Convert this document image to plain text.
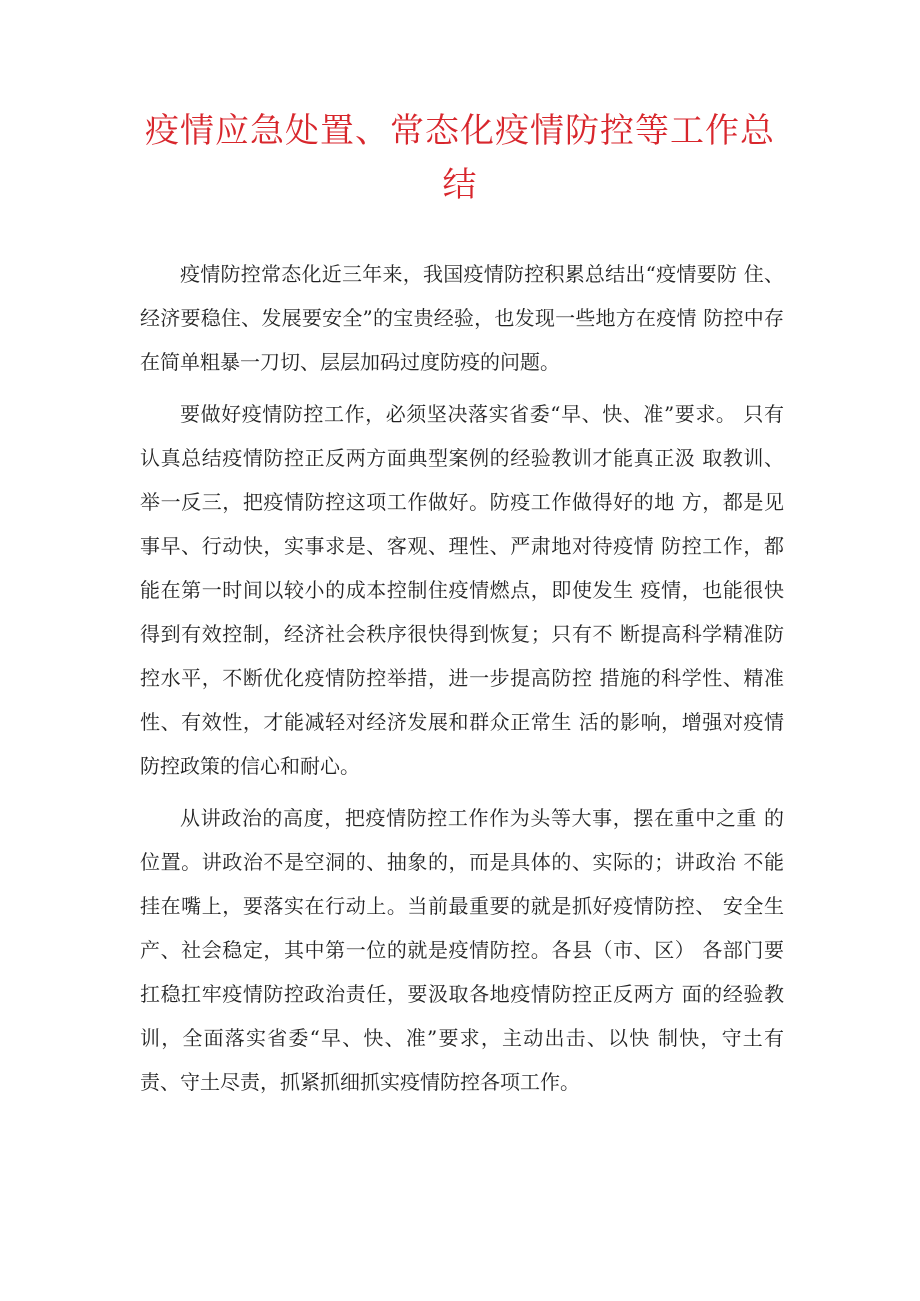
疫情应急处置、常态化疫情防控等工作总结

疫情防控常态化近三年来，我国疫情防控积累总结出“疫情要防 住、经济要稳住、发展要安全”的宝贵经验，也发现一些地方在疫情 防控中存在简单粗暴一刀切、层层加码过度防疫的问题。

要做好疫情防控工作，必须坚决落实省委“早、快、准”要求。 只有认真总结疫情防控正反两方面典型案例的经验教训才能真正汲 取教训、举一反三，把疫情防控这项工作做好。防疫工作做得好的地 方，都是见事早、行动快，实事求是、客观、理性、严肃地对待疫情 防控工作，都能在第一时间以较小的成本控制住疫情燃点，即使发生 疫情，也能很快得到有效控制，经济社会秩序很快得到恢复；只有不 断提高科学精准防控水平，不断优化疫情防控举措，进一步提高防控 措施的科学性、精准性、有效性，才能减轻对经济发展和群众正常生 活的影响，增强对疫情防控政策的信心和耐心。

从讲政治的高度，把疫情防控工作作为头等大事，摆在重中之重 的位置。讲政治不是空洞的、抽象的，而是具体的、实际的；讲政治 不能挂在嘴上，要落实在行动上。当前最重要的就是抓好疫情防控、 安全生产、社会稳定，其中第一位的就是疫情防控。各县（市、区） 各部门要扛稳扛牢疫情防控政治责任，要汲取各地疫情防控正反两方 面的经验教训，全面落实省委“早、快、准”要求，主动出击、以快 制快，守土有责、守土尽责，抓紧抓细抓实疫情防控各项工作。
